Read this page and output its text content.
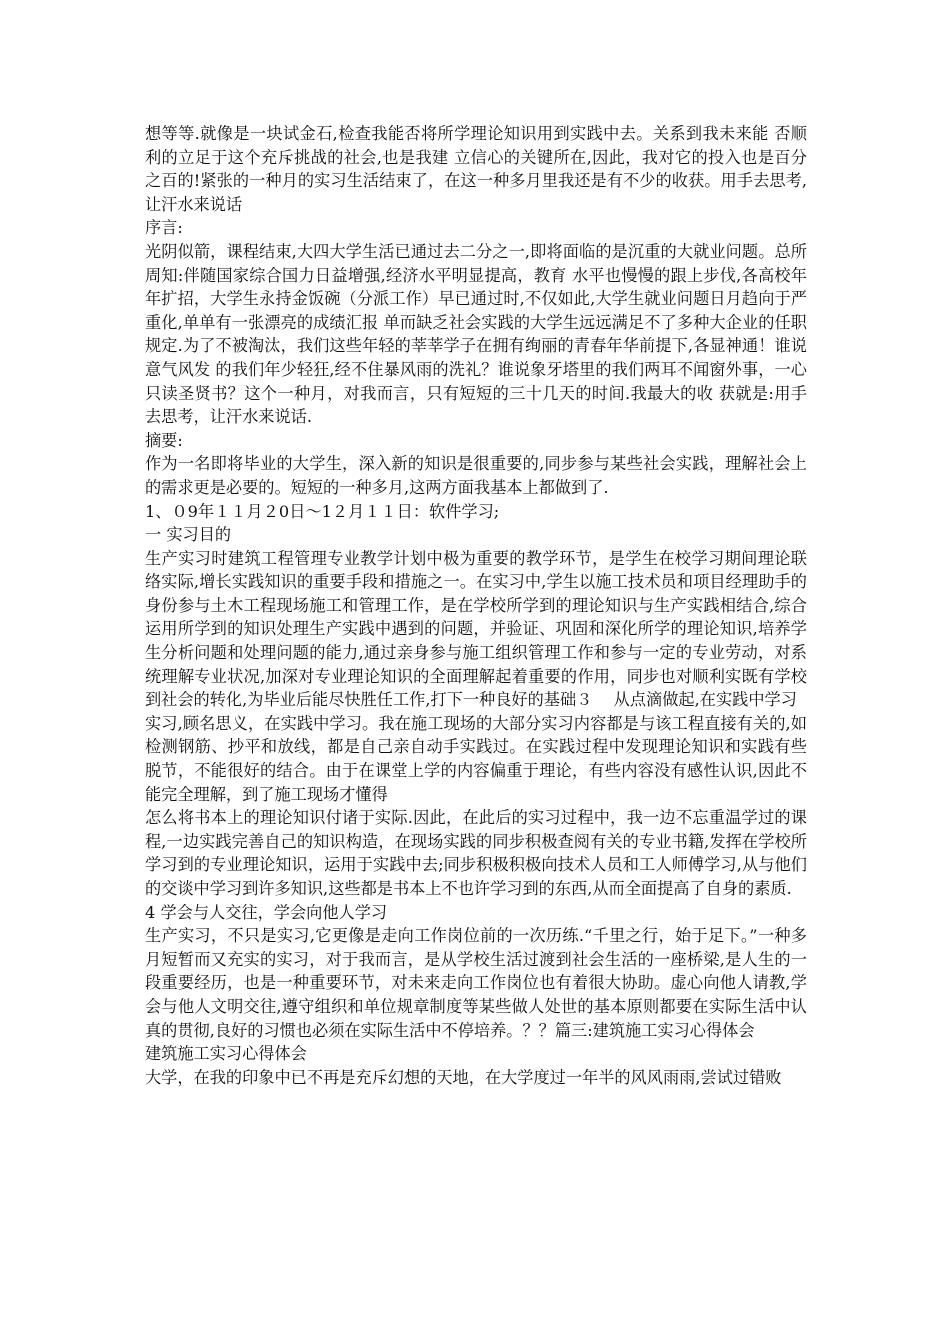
想等等.就像是一块试金石,检查我能否将所学理论知识用到实践中去。关系到我未来能 否顺利的立足于这个充斥挑战的社会,也是我建 立信心的关键所在,因此，我对它的投入也是百分之百的!紧张的一种月的实习生活结束了，在这一种多月里我还是有不少的收获。用手去思考,让汗水来说话

序言:

光阴似箭，课程结束,大四大学生活已通过去二分之一,即将面临的是沉重的大就业问题。总所周知:伴随国家综合国力日益增强,经济水平明显提高，教育 水平也慢慢的跟上步伐,各高校年年扩招，大学生永持金饭碗（分派工作）早已通过时,不仅如此,大学生就业问题日月趋向于严重化,单单有一张漂亮的成绩汇报 单而缺乏社会实践的大学生远远满足不了多种大企业的任职规定.为了不被淘汰，我们这些年轻的莘莘学子在拥有绚丽的青春年华前提下,各显神通！谁说意气风发 的我们年少轻狂,经不住暴风雨的洗礼？谁说象牙塔里的我们两耳不闻窗外事，一心只读圣贤书？这个一种月，对我而言，只有短短的三十几天的时间.我最大的收 获就是:用手去思考，让汗水来说话.

摘要:

作为一名即将毕业的大学生，深入新的知识是很重要的,同步参与某些社会实践，理解社会上的需求更是必要的。短短的一种多月,这两方面我基本上都做到了.

1、０9年１１月２0日～1２月１１日：软件学习;

一 实习目的

生产实习时建筑工程管理专业教学计划中极为重要的教学环节，是学生在校学习期间理论联络实际,增长实践知识的重要手段和措施之一。在实习中,学生以施工技术员和项目经理助手的身份参与土木工程现场施工和管理工作，是在学校所学到的理论知识与生产实践相结合,综合运用所学到的知识处理生产实践中遇到的问题，并验证、巩固和深化所学的理论知识,培养学生分析问题和处理问题的能力,通过亲身参与施工组织管理工作和参与一定的专业劳动，对系统理解专业状况,加深对专业理论知识的全面理解起着重要的作用，同步也对顺利实既有学校到社会的转化,为毕业后能尽快胜任工作,打下一种良好的基础３　 从点滴做起,在实践中学习

实习,顾名思义，在实践中学习。我在施工现场的大部分实习内容都是与该工程直接有关的,如检测钢筋、抄平和放线，都是自己亲自动手实践过。在实践过程中发现理论知识和实践有些脱节，不能很好的结合。由于在课堂上学的内容偏重于理论，有些内容没有感性认识,因此不能完全理解，到了施工现场才懂得

怎么将书本上的理论知识付诸于实际.因此，在此后的实习过程中，我一边不忘重温学过的课程,一边实践完善自己的知识构造，在现场实践的同步积极查阅有关的专业书籍,发挥在学校所学习到的专业理论知识，运用于实践中去;同步积极积极向技术人员和工人师傅学习,从与他们的交谈中学习到许多知识,这些都是书本上不也许学习到的东西,从而全面提高了自身的素质.

4 学会与人交往，学会向他人学习

生产实习，不只是实习,它更像是走向工作岗位前的一次历练.“千里之行，始于足下。”一种多月短暂而又充实的实习，对于我而言，是从学校生活过渡到社会生活的一座桥梁,是人生的一段重要经历，也是一种重要环节，对未来走向工作岗位也有着很大协助。虚心向他人请教,学会与他人文明交往,遵守组织和单位规章制度等某些做人处世的基本原则都要在实际生活中认真的贯彻,良好的习惯也必须在实际生活中不停培养。？？篇三:建筑施工实习心得体会

建筑施工实习心得体会

大学，在我的印象中已不再是充斥幻想的天地，在大学度过一年半的风风雨雨,尝试过错败
